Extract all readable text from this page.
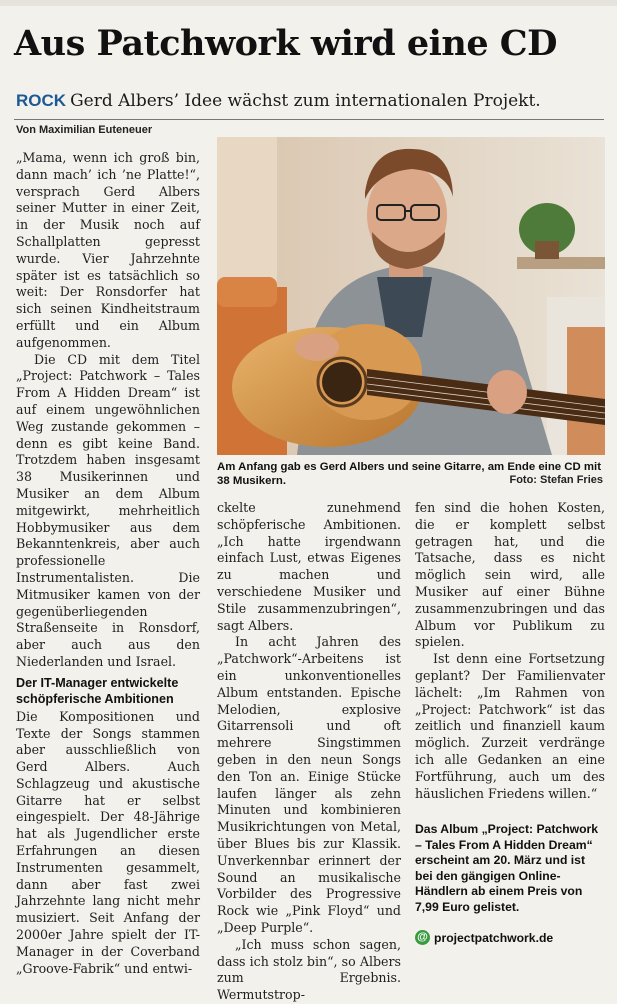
Aus Patchwork wird eine CD
ROCK Gerd Albers’ Idee wächst zum internationalen Projekt.
Von Maximilian Euteneuer

„Mama, wenn ich groß bin, dann mach’ ich ’ne Platte!“, versprach Gerd Albers seiner Mutter in einer Zeit, in der Musik noch auf Schallplatten gepresst wurde. Vier Jahrzehnte später ist es tatsächlich so weit: Der Ronsdorfer hat sich seinen Kindheitstraum erfüllt und ein Album aufgenommen.

Die CD mit dem Titel „Project: Patchwork – Tales From A Hidden Dream“ ist auf einem ungewöhnlichen Weg zustande gekommen – denn es gibt keine Band. Trotzdem haben insgesamt 38 Musikerinnen und Musiker an dem Album mitgewirkt, mehrheitlich Hobbymusiker aus dem Bekanntenkreis, aber auch professionelle Instrumentalisten. Die Mitmusiker kamen von der gegenüberliegenden Straßenseite in Ronsdorf, aber auch aus den Niederlanden und Israel.

Der IT-Manager entwickelte schöpferische Ambitionen

Die Kompositionen und Texte der Songs stammen aber ausschließlich von Gerd Albers. Auch Schlagzeug und akustische Gitarre hat er selbst eingespielt. Der 48-Jährige hat als Jugendlicher erste Erfahrungen an diesen Instrumenten gesammelt, dann aber fast zwei Jahrzehnte lang nicht mehr musiziert. Seit Anfang der 2000er Jahre spielt der IT-Manager in der Coverband „Groove-Fabrik“ und entwi-

Am Anfang gab es Gerd Albers und seine Gitarre, am Ende eine CD mit 38 Musikern.	Foto: Stefan Fries

ckelte zunehmend schöpferische Ambitionen. „Ich hatte irgendwann einfach Lust, etwas Eigenes zu machen und verschiedene Musiker und Stile zusammenzubringen“, sagt Albers.

In acht Jahren des „Patchwork“-Arbeitens ist ein unkonventionelles Album entstanden. Epische Melodien, explosive Gitarrensoli und oft mehrere Singstimmen geben in den neun Songs den Ton an. Einige Stücke laufen länger als zehn Minuten und kombinieren Musikrichtungen von Metal, über Blues bis zur Klassik. Unverkennbar erinnert der Sound an musikalische Vorbilder des Progressive Rock wie „Pink Floyd“ und „Deep Purple“.

„Ich muss schon sagen, dass ich stolz bin“, so Albers zum Ergebnis. Wermutstrop-

fen sind die hohen Kosten, die er komplett selbst getragen hat, und die Tatsache, dass es nicht möglich sein wird, alle Musiker auf einer Bühne zusammenzubringen und das Album vor Publikum zu spielen.

Ist denn eine Fortsetzung geplant? Der Familienvater lächelt: „Im Rahmen von „Project: Patchwork“ ist das zeitlich und finanziell kaum möglich. Zurzeit verdränge ich alle Gedanken an eine Fortführung, auch um des häuslichen Friedens willen.“

Das Album „Project: Patchwork – Tales From A Hidden Dream“ erscheint am 20. März und ist bei den gängigen Online-Händlern ab einem Preis von 7,99 Euro gelistet.
@ projectpatchwork.de
